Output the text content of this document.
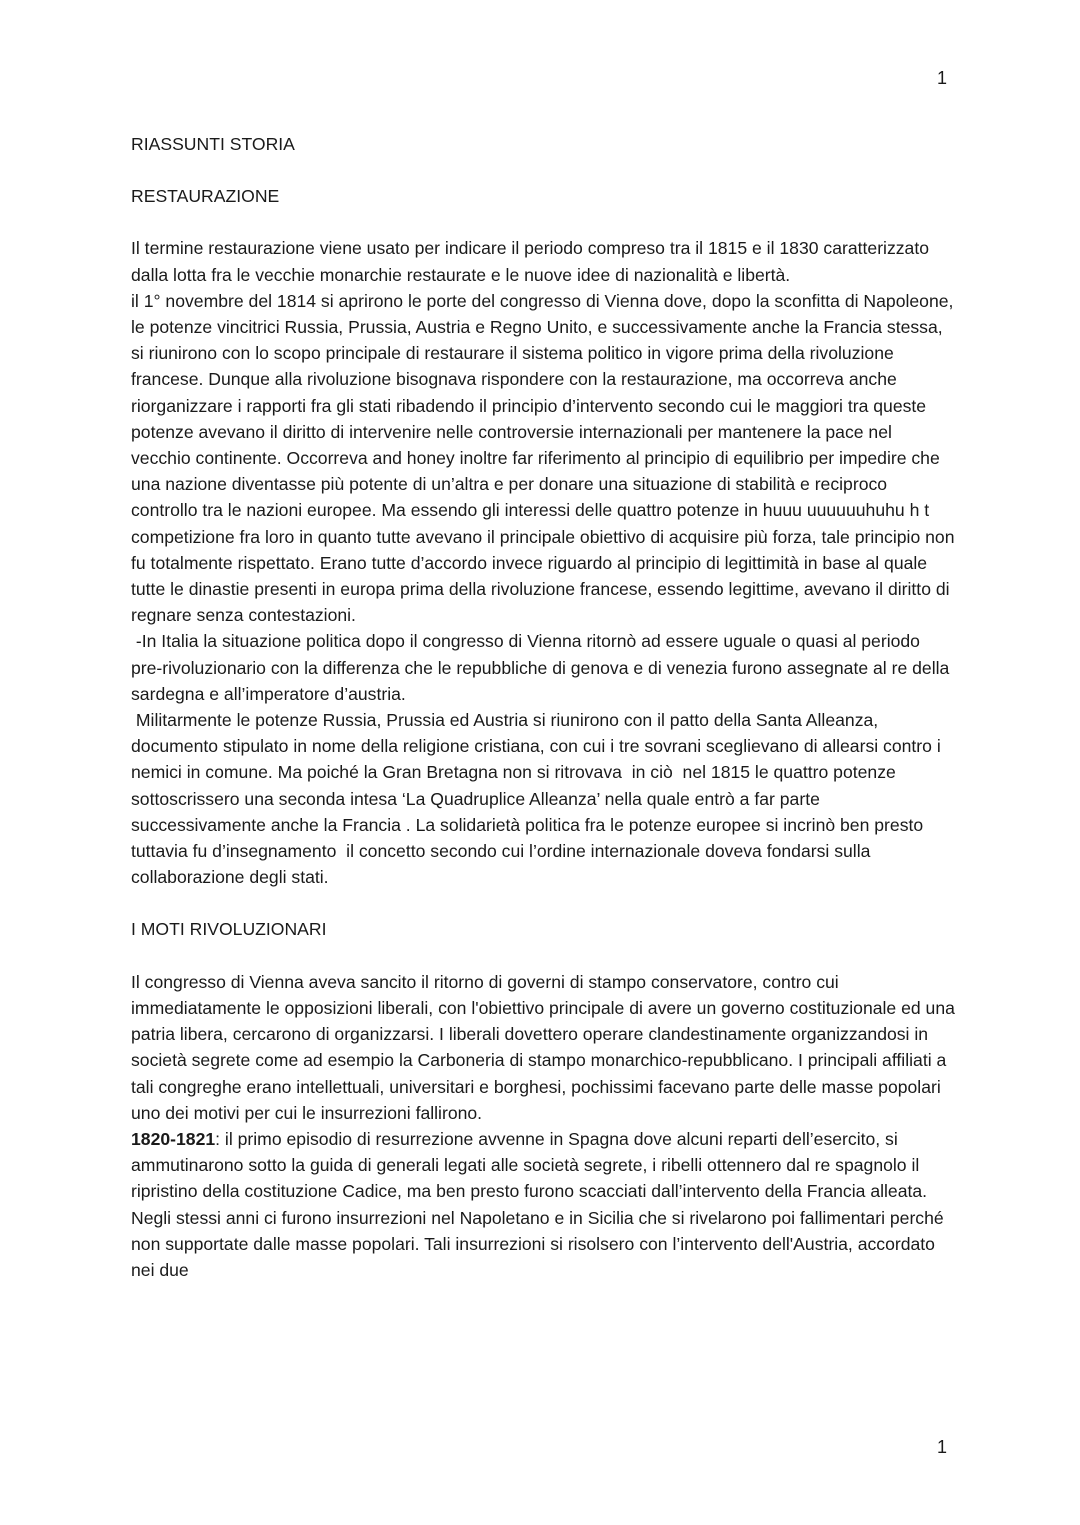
1

RIASSUNTI STORIA

RESTAURAZIONE

Il termine restaurazione viene usato per indicare il periodo compreso tra il 1815 e il 1830 caratterizzato dalla lotta fra le vecchie monarchie restaurate e le nuove idee di nazionalità e libertà.

il 1° novembre del 1814 si aprirono le porte del congresso di Vienna dove, dopo la sconfitta di Napoleone, le potenze vincitrici Russia, Prussia, Austria e Regno Unito, e successivamente anche la Francia stessa, si riunirono con lo scopo principale di restaurare il sistema politico in vigore prima della rivoluzione francese. Dunque alla rivoluzione bisognava rispondere con la restaurazione, ma occorreva anche riorganizzare i rapporti fra gli stati ribadendo il principio d’intervento secondo cui le maggiori tra queste potenze avevano il diritto di intervenire nelle controversie internazionali per mantenere la pace nel vecchio continente. Occorreva and honey inoltre far riferimento al principio di equilibrio per impedire che una nazione diventasse più potente di un’altra e per donare una situazione di stabilità e reciproco controllo tra le nazioni europee. Ma essendo gli interessi delle quattro potenze in huuu uuuuuuhuhu h t competizione fra loro in quanto tutte avevano il principale obiettivo di acquisire più forza, tale principio non fu totalmente rispettato. Erano tutte d’accordo invece riguardo al principio di legittimità in base al quale tutte le dinastie presenti in europa prima della rivoluzione francese, essendo legittime, avevano il diritto di regnare senza contestazioni.

-In Italia la situazione politica dopo il congresso di Vienna ritornò ad essere uguale o quasi al periodo pre-rivoluzionario con la differenza che le repubbliche di genova e di venezia furono assegnate al re della sardegna e all’imperatore d’austria.

Militarmente le potenze Russia, Prussia ed Austria si riunirono con il patto della Santa Alleanza, documento stipulato in nome della religione cristiana, con cui i tre sovrani sceglievano di allearsi contro i nemici in comune. Ma poiché la Gran Bretagna non si ritrovava  in ciò  nel 1815 le quattro potenze sottoscrissero una seconda intesa ‘La Quadruplice Alleanza’ nella quale entrò a far parte successivamente anche la Francia . La solidarietà politica fra le potenze europee si incrinò ben presto tuttavia fu d’insegnamento  il concetto secondo cui l’ordine internazionale doveva fondarsi sulla collaborazione degli stati.

I MOTI RIVOLUZIONARI

Il congresso di Vienna aveva sancito il ritorno di governi di stampo conservatore, contro cui immediatamente le opposizioni liberali, con l'obiettivo principale di avere un governo costituzionale ed una patria libera, cercarono di organizzarsi. I liberali dovettero operare clandestinamente organizzandosi in società segrete come ad esempio la Carboneria di stampo monarchico-repubblicano. I principali affiliati a tali congreghe erano intellettuali, universitari e borghesi, pochissimi facevano parte delle masse popolari uno dei motivi per cui le insurrezioni fallirono.

1820-1821: il primo episodio di resurrezione avvenne in Spagna dove alcuni reparti dell’esercito, si ammutinarono sotto la guida di generali legati alle società segrete, i ribelli ottennero dal re spagnolo il ripristino della costituzione Cadice, ma ben presto furono scacciati dall’intervento della Francia alleata. Negli stessi anni ci furono insurrezioni nel Napoletano e in Sicilia che si rivelarono poi fallimentari perché non supportate dalle masse popolari. Tali insurrezioni si risolsero con l’intervento dell'Austria, accordato nei due

1
